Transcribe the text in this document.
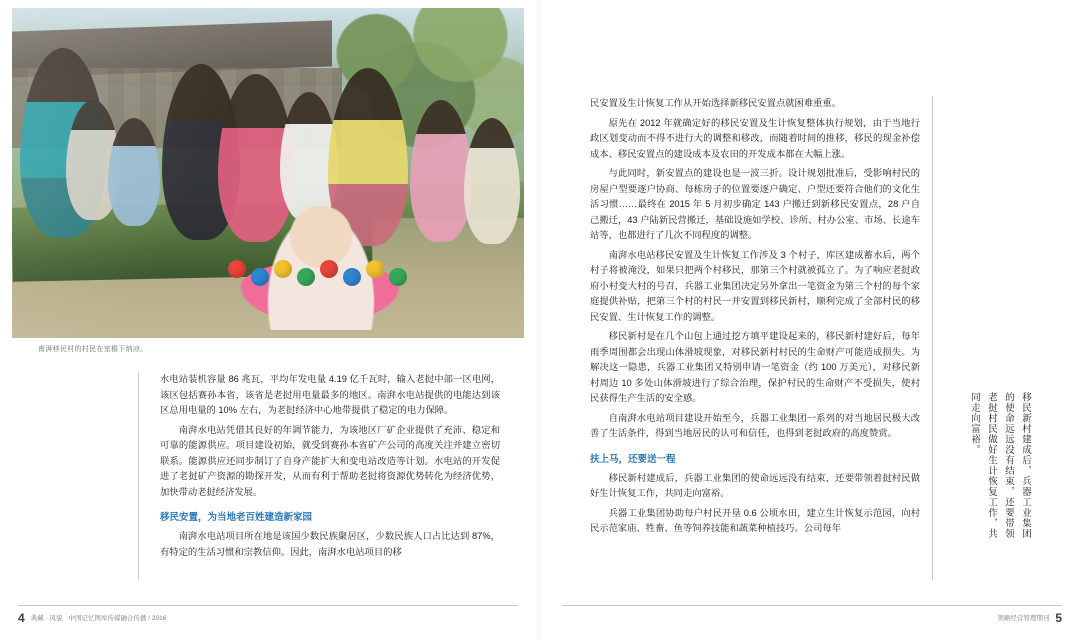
南湃移民村的村民在室檐下纳凉。

水电站装机容量 86 兆瓦，平均年发电量 4.19 亿千瓦时，输入老挝中部一区电网，该区包括赛孙本省，该省是老挝用电量最多的地区。南湃水电站提供的电能达到该区总用电量的 10% 左右，为老挝经济中心地带提供了稳定的电力保障。

南湃水电站凭借其良好的年调节能力，为该地区厂矿企业提供了充沛、稳定和可靠的能源供应。项目建设初始，就受到赛孙本省矿产公司的高度关注并建立密切联系。能源供应还同步制订了自身产能扩大和变电站改造等计划。水电站的开发促进了老挝矿产资源的勘探开发，从而有利于帮助老挝将资源优势转化为经济优势，加快带动老挝经济发展。

移民安置，为当地老百姓建造新家园

南湃水电站项目所在地是该国少数民族聚居区，少数民族人口占比达到 87%，有特定的生活习惯和宗教信仰。因此，南湃水电站项目的移

4 典藏 · 风貌 中国记忆图库传媒融合传播 / 2016

民安置及生计恢复工作从开始选择新移民安置点就困难重重。

原先在 2012 年就确定好的移民安置及生计恢复整体执行规划，由于当地行政区划变动而不得不进行大的调整和移改，而随着时间的推移，移民的现金补偿成本、移民安置点的建设成本及农田的开发成本都在大幅上涨。

与此同时，新安置点的建设也是一波三折。设计规划批准后，受影响村民的房屋户型要逐户协商、每栋房子的位置要逐户确定、户型还要符合他们的文化生活习惯……最终在 2015 年 5 月初步确定 143 户搬迁到新移民安置点，28 户自己搬迁，43 户陆新民营搬迁，基础设施如学校、诊所、村办公室、市场、长途车站等，也都进行了几次不同程度的调整。

南湃水电站移民安置及生计恢复工作涉及 3 个村子，库区建成蓄水后，两个村子将被淹没，如果只把两个村移民，那第三个村就被孤立了。为了响应老挝政府小村变大村的号召，兵器工业集团决定另外拿出一笔资金为第三个村的每个家庭提供补贴，把第三个村的村民一并安置到移民新村，顺利完成了全部村民的移民安置、生计恢复工作的调整。

移民新村是在几个山包上通过挖方填平建设起来的，移民新村建好后，每年雨季周围都会出现山体滑坡现象，对移民新村村民的生命财产可能造成损失。为解决这一隐患，兵器工业集团又特别申请一笔资金（约 100 万美元），对移民新村周边 10 多处山体滑坡进行了综合治理，保护村民的生命财产不受损失，使村民获得生产生活的安全感。

自南湃水电站项目建设开始至今，兵器工业集团一系列的对当地居民极大改善了生活条件，得到当地居民的认可和信任，也得到老挝政府的高度赞赏。

扶上马，还要送一程

移民新村建成后，兵器工业集团的使命远远没有结束，还要带领着挝村民做好生计恢复工作，共同走向富裕。

兵器工业集团协助每户村民开垦 0.6 公顷水田，建立生计恢复示范园，向村民示范家庙、牲畜、鱼等饲养技能和蔬菜种植技巧。公司每年	移民新村建成后，兵器工业集团的使命远远没有结束，还要带领老挝村民做好生计恢复工作，共同走向富裕。
领略经营管理期刊 5
